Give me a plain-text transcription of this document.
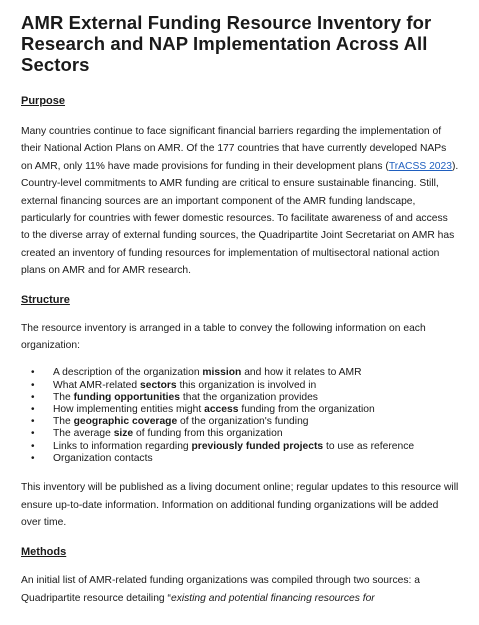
AMR External Funding Resource Inventory for Research and NAP Implementation Across All Sectors
Purpose

Many countries continue to face significant financial barriers regarding the implementation of their National Action Plans on AMR. Of the 177 countries that have currently developed NAPs on AMR, only 11% have made provisions for funding in their development plans (TrACSS 2023). Country-level commitments to AMR funding are critical to ensure sustainable financing. Still, external financing sources are an important component of the AMR funding landscape, particularly for countries with fewer domestic resources. To facilitate awareness of and access to the diverse array of external funding sources, the Quadripartite Joint Secretariat on AMR has created an inventory of funding resources for implementation of multisectoral national action plans on AMR and for AMR research.

Structure

The resource inventory is arranged in a table to convey the following information on each organization:

• A description of the organization mission and how it relates to AMR
• What AMR-related sectors this organization is involved in
• The funding opportunities that the organization provides
• How implementing entities might access funding from the organization
• The geographic coverage of the organization's funding
• The average size of funding from this organization
• Links to information regarding previously funded projects to use as reference
• Organization contacts

This inventory will be published as a living document online; regular updates to this resource will ensure up-to-date information. Information on additional funding organizations will be added over time.

Methods

An initial list of AMR-related funding organizations was compiled through two sources: a Quadripartite resource detailing “existing and potential financing resources for
